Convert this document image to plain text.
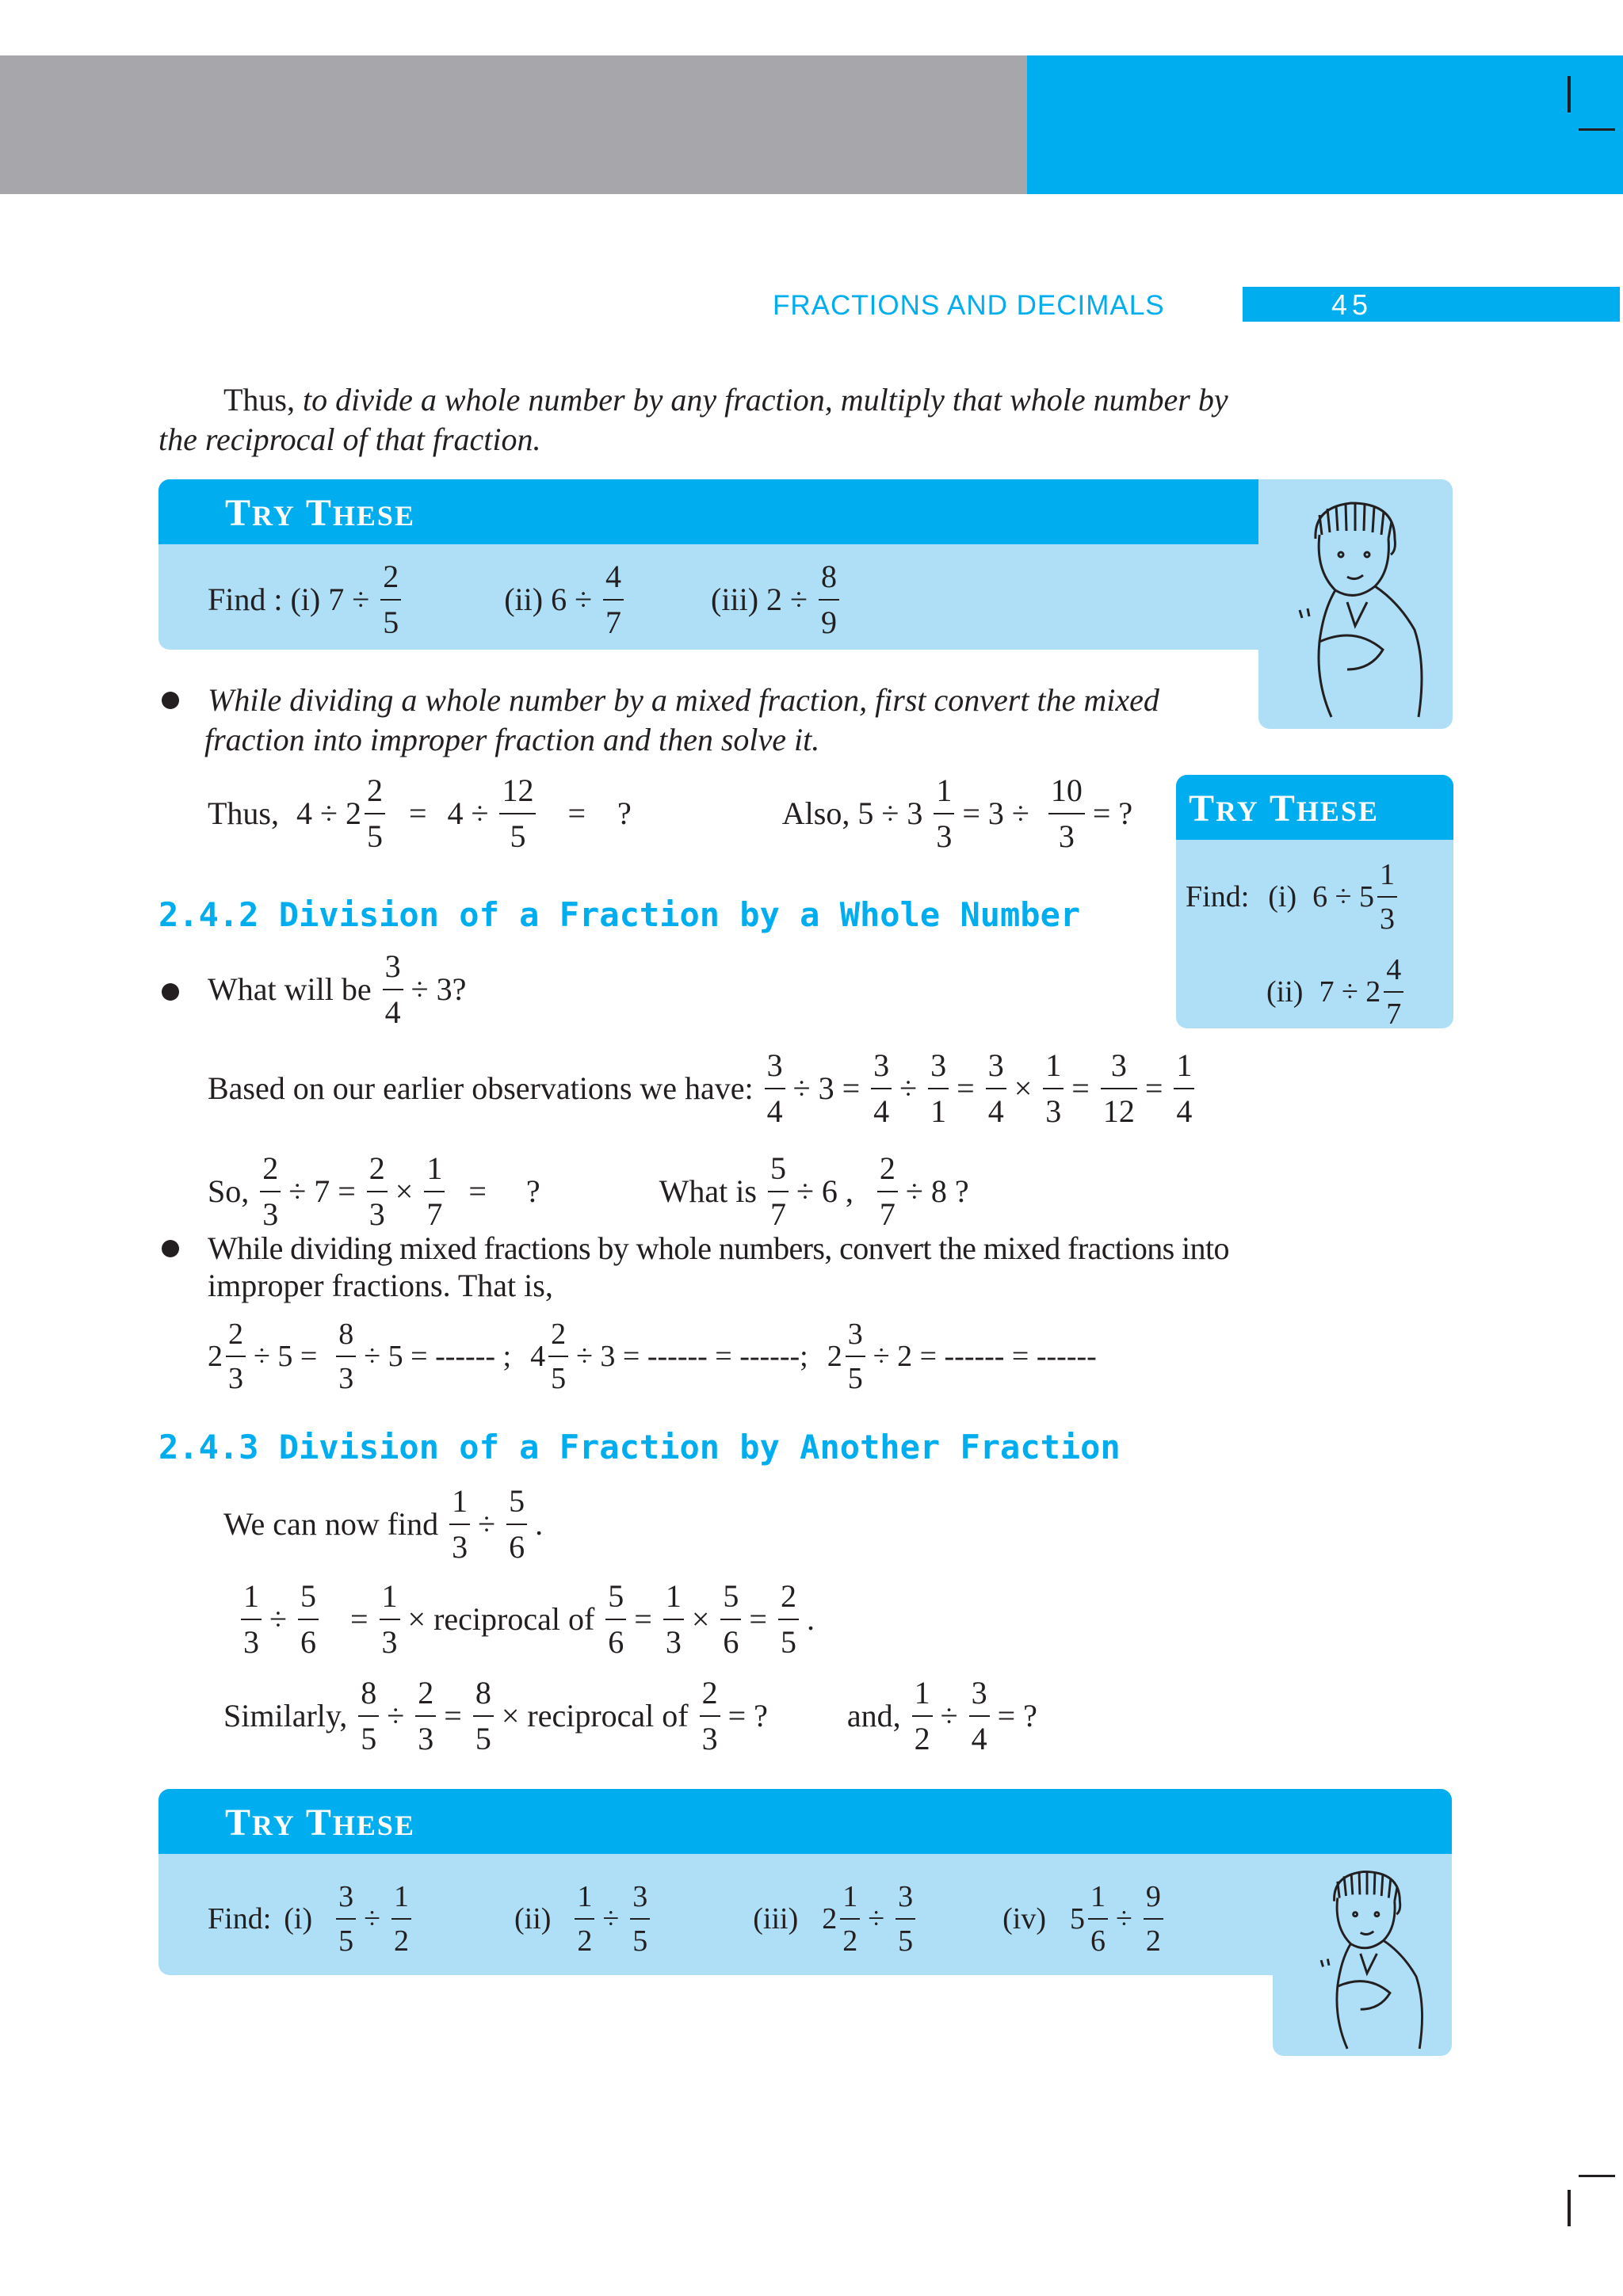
FRACTIONS AND DECIMALS	45
Thus, to divide a whole number by any fraction, multiply that whole number by
the reciprocal of that fraction.
TRY THESE
Find : (i) $7 \div \frac{2}{5}$	(ii) $6 \div \frac{4}{7}$	(iii) $2 \div \frac{8}{9}$
While dividing a whole number by a mixed fraction, first convert the mixed
fraction into improper fraction and then solve it.
Thus, $4 \div 2 \frac{2}{5} = 4 \div \frac{12}{5}$ = ?	Also, $5 \div 3 \frac{1}{3} = 3 \div \frac{10}{3}$ = ? TRY THESE
Find: (i) 6 ÷ 5
1
3
(ii) 7 ÷ 2
4
7
2.4.2 Division of a Fraction by a Whole Number
What will be $\frac{3}{4} \div 3$?
Based on our earlier observations we have: $\frac{3}{4} \div 3 = \frac{3}{4} \div \frac{3}{1} = \frac{3}{4} \times \frac{1}{3} = \frac{3}{12} = \frac{1}{4}$
So, $\frac{2}{3} \div 7 = \frac{2}{3} \times \frac{1}{7}$ = ?	What is $\frac{5}{7} \div 6$ , $\frac{2}{7} \div 8$ ?
While dividing mixed fractions by whole numbers, convert the mixed fractions into
improper fractions. That is,
$2 \frac{2}{3} \div 5 = \frac{8}{3} \div 5$ = ------ ; $4 \frac{2}{5} \div 3$ = ------ = ------; $2 \frac{3}{5} \div 2$ = ------ = ------
2.4.3 Division of a Fraction by Another Fraction
We can now find $\frac{1}{3} \div \frac{5}{6}$ .
$\frac{1}{3} \div \frac{5}{6} = \frac{1}{3}$ × reciprocal of $\frac{5}{6} = \frac{1}{3} \times \frac{5}{6} = \frac{2}{5}$ .
Similarly, $\frac{8}{5} \div \frac{2}{3} = \frac{8}{5}$ × reciprocal of $\frac{2}{3}$ = ?	and, $\frac{1}{2} \div \frac{3}{4}$ = ?
TRY THESE
Find: $(i) \frac{3}{5} \div \frac{1}{2}$	$(ii) \frac{1}{2} \div \frac{3}{5}$	(iii) $2 \frac{1}{2} \div \frac{3}{5}$	(iv) $5 \frac{1}{6} \div \frac{9}{2}$
